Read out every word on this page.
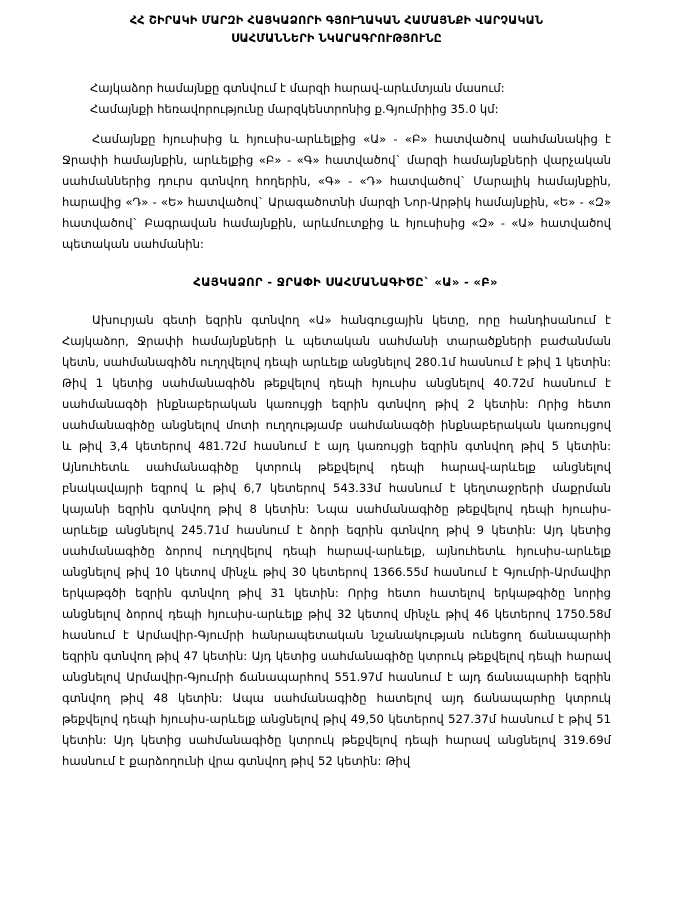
ՀՀ ՇԻՐԱԿԻ ՄԱՐԶԻ ՀԱՅԿԱՁՈՐԻ ԳՅՈՒՂԱԿԱՆ ՀԱՄԱՅՆՔԻ ՎԱՐՉԱԿԱՆ
ՍԱՀՄԱՆՆԵՐԻ ՆԿԱՐԱԳՐՈՒԹՅՈՒՆԸ
Հայկաձոր համայնքը գտնվում է մարզի հարավ-արևմտյան մասում:
Համայնքի հեռավորությունը մարզկենտրոնից ք.Գյումրիից 35.0 կմ:

Համայնքը հյուսիսից և հյուսիս-արևելքից «Ա» - «Բ» հատվածով սահմանակից է Ջրափի համայնքին, արևելքից «Բ» - «Գ» հատվածով` մարզի համայնքների վարչական սահմաններից դուրս գտնվող հողերին, «Գ» - «Դ» հատվածով` Մարալիկ համայնքին, հարավից «Դ» - «Ե» հատվածով` Արագածոտնի մարզի Նոր-Արթիկ համայնքին, «Ե» - «Զ» հատվածով` Բագրավան համայնքին, արևմուտքից և հյուսիսից «Զ» - «Ա» հատվածով պետական սահմանին:

ՀԱՅԿԱՁՈՐ - ՋՐԱՓԻ ՍԱՀՄԱՆԱԳԻԾԸ` «Ա» - «Բ»

Ախուրյան գետի եզրին գտնվող «Ա» հանգուցային կետը, որը հանդիսանում է Հայկաձոր, Ջրափի համայնքների և պետական սահմանի տարածքների բաժանման կետն, սահմանագիծն ուղղվելով դեպի արևելք անցնելով 280.1մ հասնում է թիվ 1 կետին: Թիվ 1 կետից սահմանագիծն թեքվելով դեպի հյուսիս անցնելով 40.72մ հասնում է սահմանագծի ինքնաբերական կառույցի եզրին գտնվող թիվ 2 կետին: Որից հետո սահմանագիծը անցնելով մոտի ուղղությամբ սահմանագծի ինքնաբերական կառույցով և թիվ 3,4 կետերով 481.72մ հասնում է այդ կառույցի եզրին գտնվող թիվ 5 կետին: Այնուհետև սահմանագիծը կտրուկ թեքվելով դեպի հարավ-արևելք անցնելով բնակավայրի եզրով և թիվ 6,7 կետերով 543.33մ հասնում է կեղտաջրերի մաքրման կայանի եզրին գտնվող թիվ 8 կետին: Նպա սահմանագիծը թեքվելով դեպի հյուսիս-արևելք անցնելով 245.71մ հասնում է ձորի եզրին գտնվող թիվ 9 կետին: Այդ կետից սահմանագիծը ձորով ուղղվելով դեպի հարավ-արևելք, այնուհետև հյուսիս-արևելք անցնելով թիվ 10 կետով մինչև թիվ 30 կետերով 1366.55մ հասնում է Գյումրի-Արմավիր երկաթգծի եզրին գտնվող թիվ 31 կետին: Որից հետո հատելով երկաթգիծը նորից անցնելով ձորով դեպի հյուսիս-արևելք թիվ 32 կետով մինչև թիվ 46 կետերով 1750.58մ հասնում է Արմավիր-Գյումրի հանրապետական նշանակության ունեցող ճանապարհի եզրին գտնվող թիվ 47 կետին: Այդ կետից սահմանագիծը կտրուկ թեքվելով դեպի հարավ անցնելով Արմավիր-Գյումրի ճանապարհով 551.97մ հասնում է այդ ճանապարհի եզրին գտնվող թիվ 48 կետին: Ապա սահմանագիծը հատելով այդ ճանապարհը կտրուկ թեքվելով դեպի հյուսիս-արևելք անցնելով թիվ 49,50 կետերով 527.37մ հասնում է թիվ 51 կետին: Այդ կետից սահմանագիծը կտրուկ թեքվելով դեպի հարավ անցնելով 319.69մ հասնում է քարձողունի վրա գտնվող թիվ 52 կետին: Թիվ
